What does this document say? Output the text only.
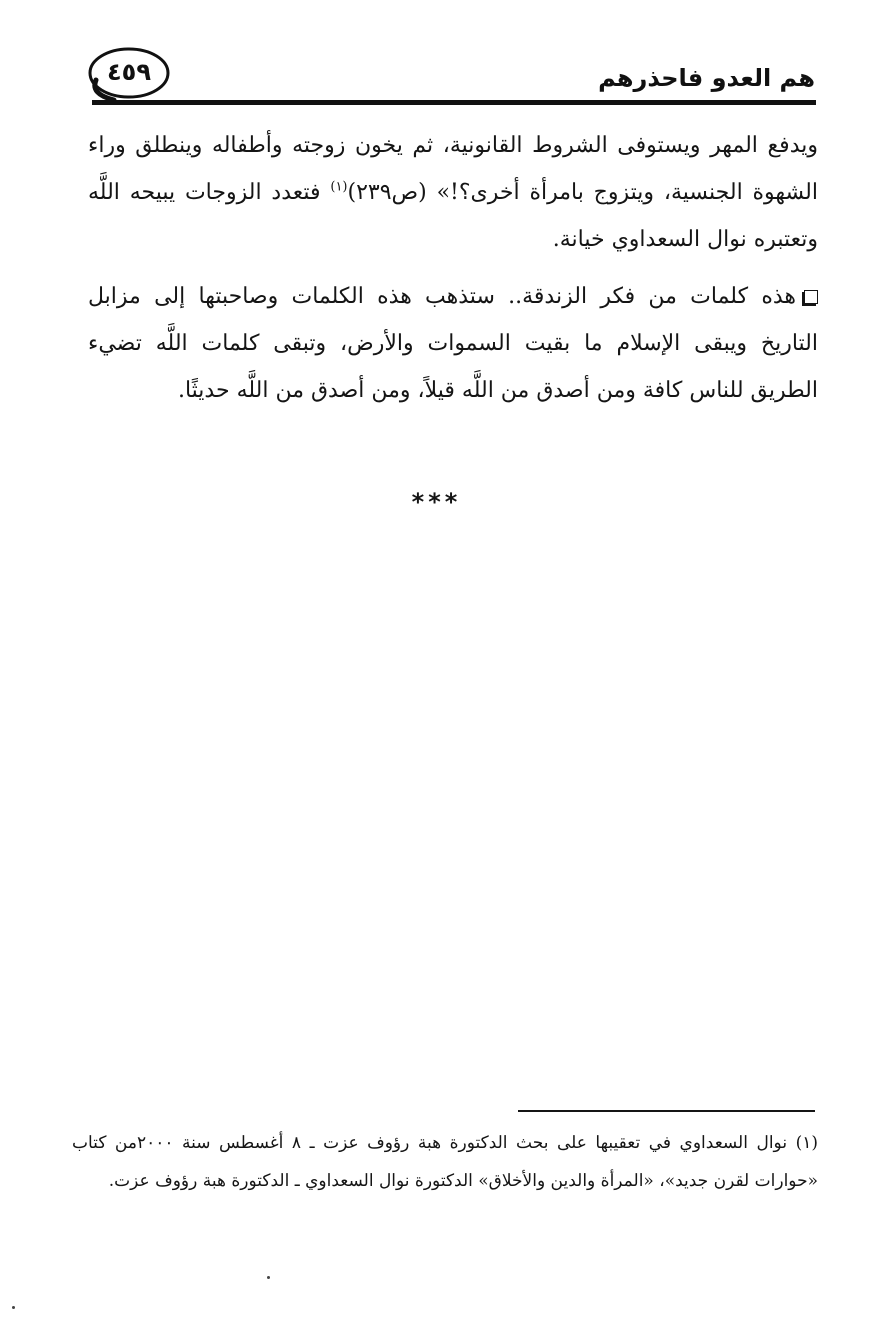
هم العدو فاحذرهم
٤٥٩

ويدفع المهر ويستوفى الشروط القانونية، ثم يخون زوجته وأطفاله وينطلق وراء الشهوة الجنسية، ويتزوج بامرأة أخرى؟!» (ص٢٣٩)$^{(١)}$ فتعدد الزوجات يبيحه اللَّه وتعتبره نوال السعداوي خيانة.

هذه كلمات من فكر الزندقة.. ستذهب هذه الكلمات وصاحبتها إلى مزابل التاريخ ويبقى الإسلام ما بقيت السموات والأرض، وتبقى كلمات اللَّه تضيء الطريق للناس كافة ومن أصدق من اللَّه قيلاً، ومن أصدق من اللَّه حديثًا.

***

(١) نوال السعداوي في تعقيبها على بحث الدكتورة هبة رؤوف عزت ـ ٨ أغسطس سنة ٢٠٠٠من كتاب «حوارات لقرن جديد»، «المرأة والدين والأخلاق» الدكتورة نوال السعداوي ـ الدكتورة هبة رؤوف عزت.
